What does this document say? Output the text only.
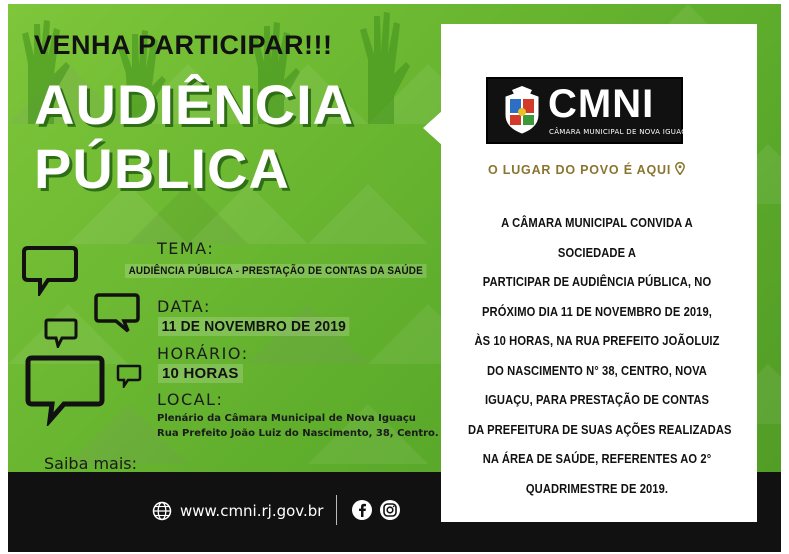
VENHA PARTICIPAR!!!
AUDIÊNCIA
PÚBLICA
TEMA:
AUDIÊNCIA PÚBLICA - PRESTAÇÃO DE CONTAS DA SAÚDE
DATA:
11 DE NOVEMBRO DE 2019
HORÁRIO:
10 HORAS
LOCAL:
Plenário da Câmara Municipal de Nova Iguaçu
Rua Prefeito João Luiz do Nascimento, 38, Centro.
Saiba mais:
www.cmni.rj.gov.br
CMNI
CÂMARA MUNICIPAL DE NOVA IGUAÇU
O LUGAR DO POVO É AQUI
A CÂMARA MUNICIPAL CONVIDA A
SOCIEDADE A
PARTICIPAR DE AUDIÊNCIA PÚBLICA, NO
PRÓXIMO DIA 11 DE NOVEMBRO DE 2019,
ÀS 10 HORAS, NA RUA PREFEITO JOÃOLUIZ
DO NASCIMENTO N° 38, CENTRO, NOVA
IGUAÇU, PARA PRESTAÇÃO DE CONTAS
DA PREFEITURA DE SUAS AÇÕES REALIZADAS
NA ÁREA DE SAÚDE, REFERENTES AO 2°
QUADRIMESTRE DE 2019.
